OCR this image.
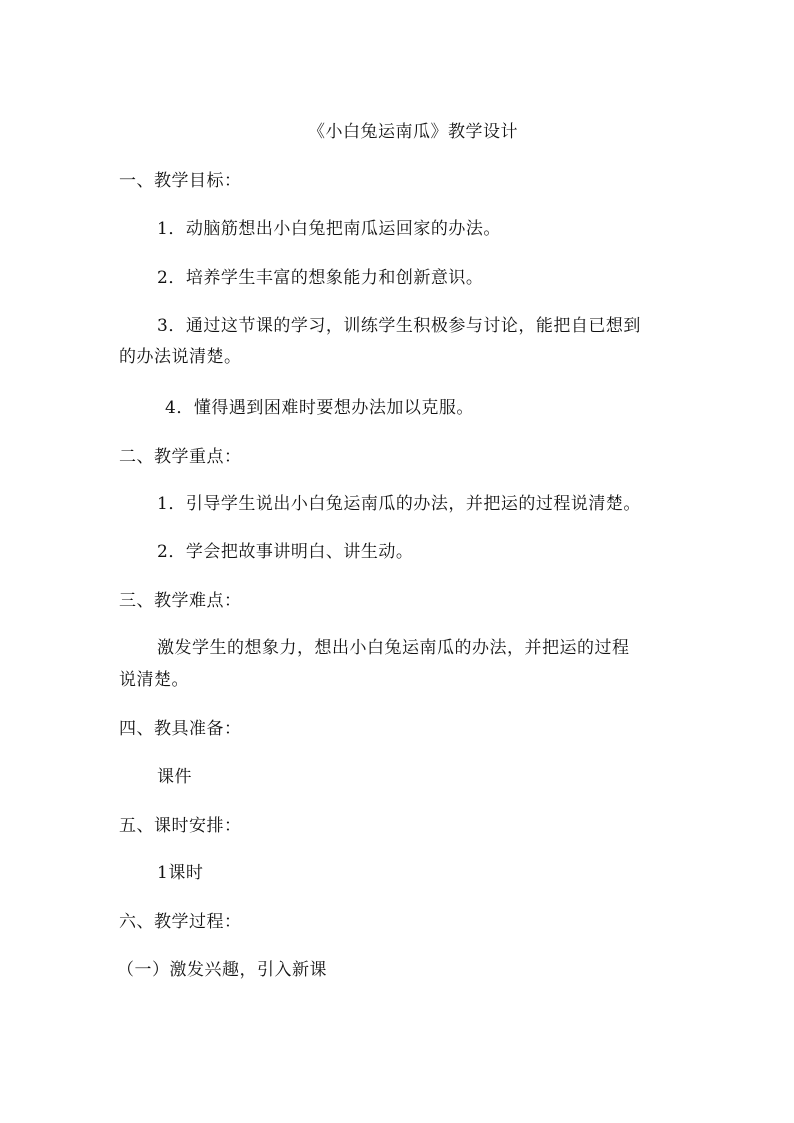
《小白兔运南瓜》教学设计
一、教学目标：
1．动脑筋想出小白兔把南瓜运回家的办法。
2．培养学生丰富的想象能力和创新意识。
3．通过这节课的学习，训练学生积极参与讨论，能把自已想到
的办法说清楚。
4．懂得遇到困难时要想办法加以克服。
二、教学重点：
1．引导学生说出小白兔运南瓜的办法，并把运的过程说清楚。
2．学会把故事讲明白、讲生动。
三、教学难点：
激发学生的想象力，想出小白兔运南瓜的办法，并把运的过程
说清楚。
四、教具准备：
课件
五、课时安排：
1课时
六、教学过程：
（一）激发兴趣，引入新课
